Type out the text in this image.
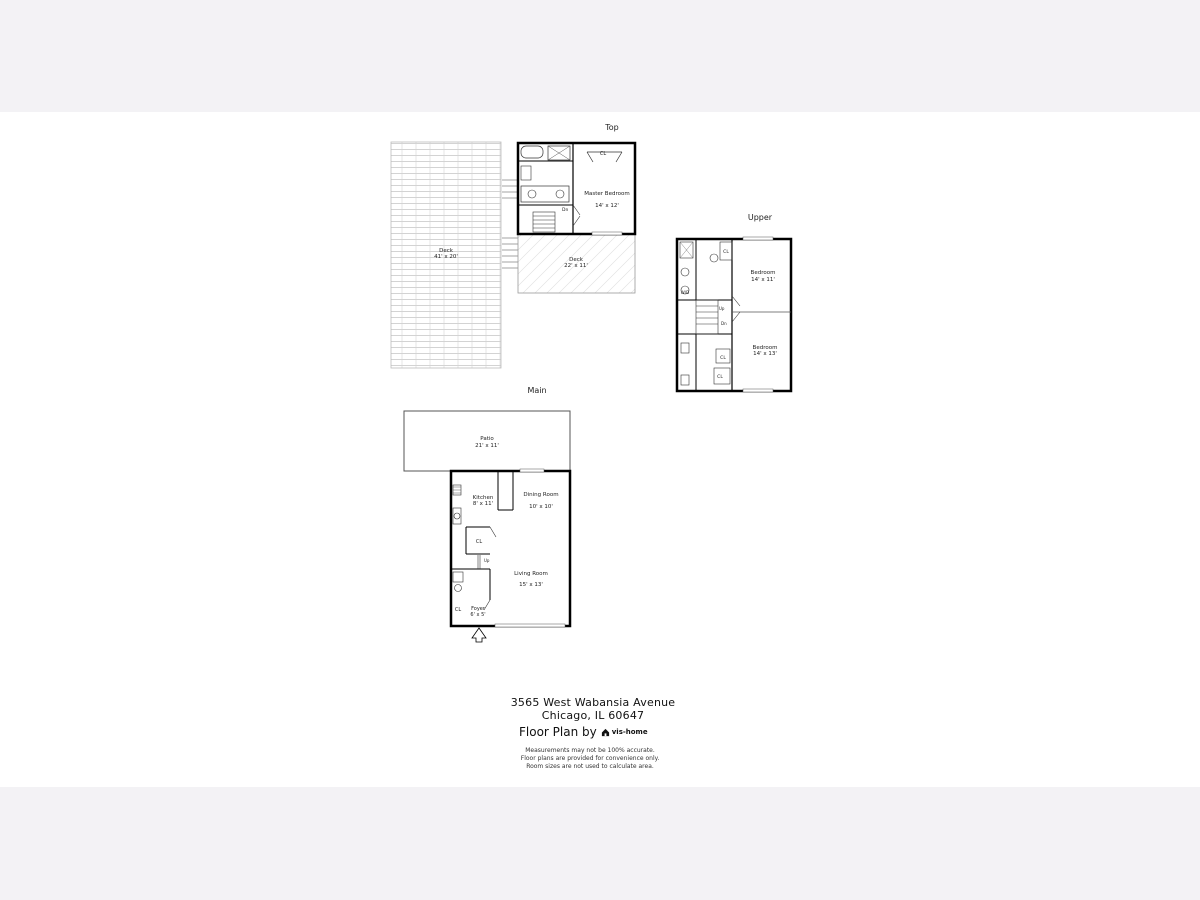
Top
Deck
41' x 20'	Deck
22' x 11'
CL
Master Bedroom
14' x 12'
Dn
Upper
CL
W/D
Dn
Up
CL
CL
Bedroom
14' x 11'
Bedroom
14' x 13'
Main
Patio
21' x 11'
CL
CL
Up
Kitchen
8' x 11'
Dining Room
10' x 10'
Living Room
15' x 13'
Foyer
6' x 5'
3565 West Wabansia Avenue
Chicago, IL 60647
Floor Plan by vis-home
Measurements may not be 100% accurate.
Floor plans are provided for convenience only.
Room sizes are not used to calculate area.
